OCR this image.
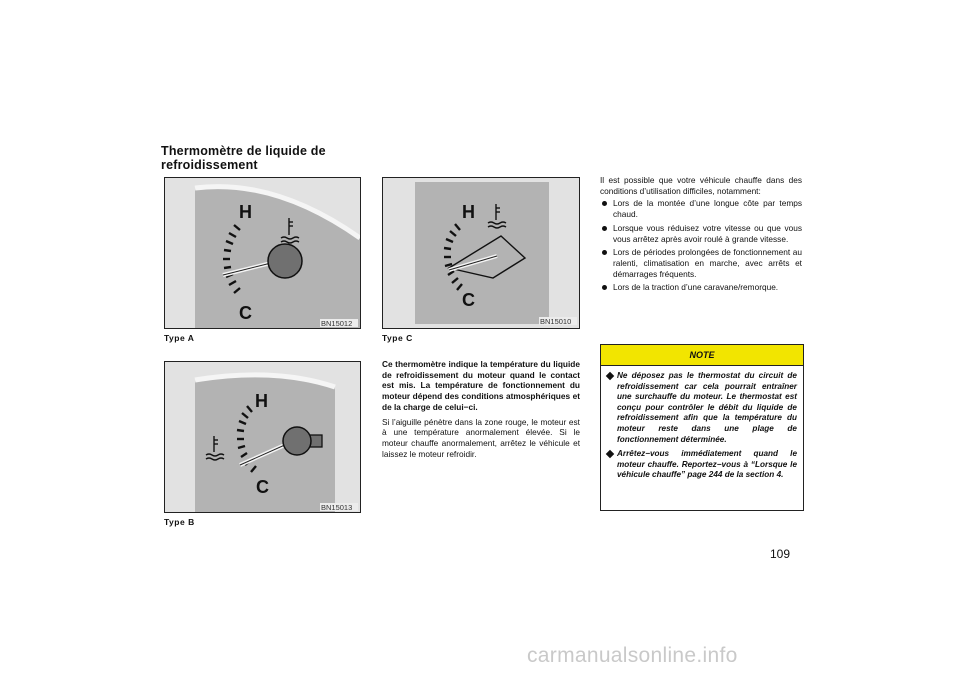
Thermomètre de liquide de
refroidissement
H
C
BN15012
Type A
H
C
BN15013
Type B
H
C
BN15010
Type C

Ce thermomètre indique la température du liquide de refroidissement du moteur quand le contact est mis. La température de fonctionnement du moteur dépend des conditions atmosphériques et de la charge de celui−ci.

Si l’aiguille pénètre dans la zone rouge, le moteur est à une température anormalement élevée. Si le moteur chauffe anormalement, arrêtez le véhicule et laissez le moteur refroidir.

Il est possible que votre véhicule chauffe dans des conditions d’utilisation difficiles, notamment:

Lors de la montée d’une longue côte par temps chaud.
Lorsque vous réduisez votre vitesse ou que vous vous arrêtez après avoir roulé à grande vitesse.
Lors de périodes prolongées de fonctionnement au ralenti, climatisation en marche, avec arrêts et démarrages fréquents.
Lors de la traction d’une caravane/remorque.
NOTE
Ne déposez pas le thermostat du circuit de refroidissement car cela pourrait entraîner une surchauffe du moteur. Le thermostat est conçu pour contrôler le débit du liquide de refroidissement afin que la température du moteur reste dans une plage de fonctionnement déterminée.
Arrêtez−vous immédiatement quand le moteur chauffe. Reportez−vous à “Lorsque le véhicule chauffe” page 244 de la section 4.
109
carmanualsonline.info
